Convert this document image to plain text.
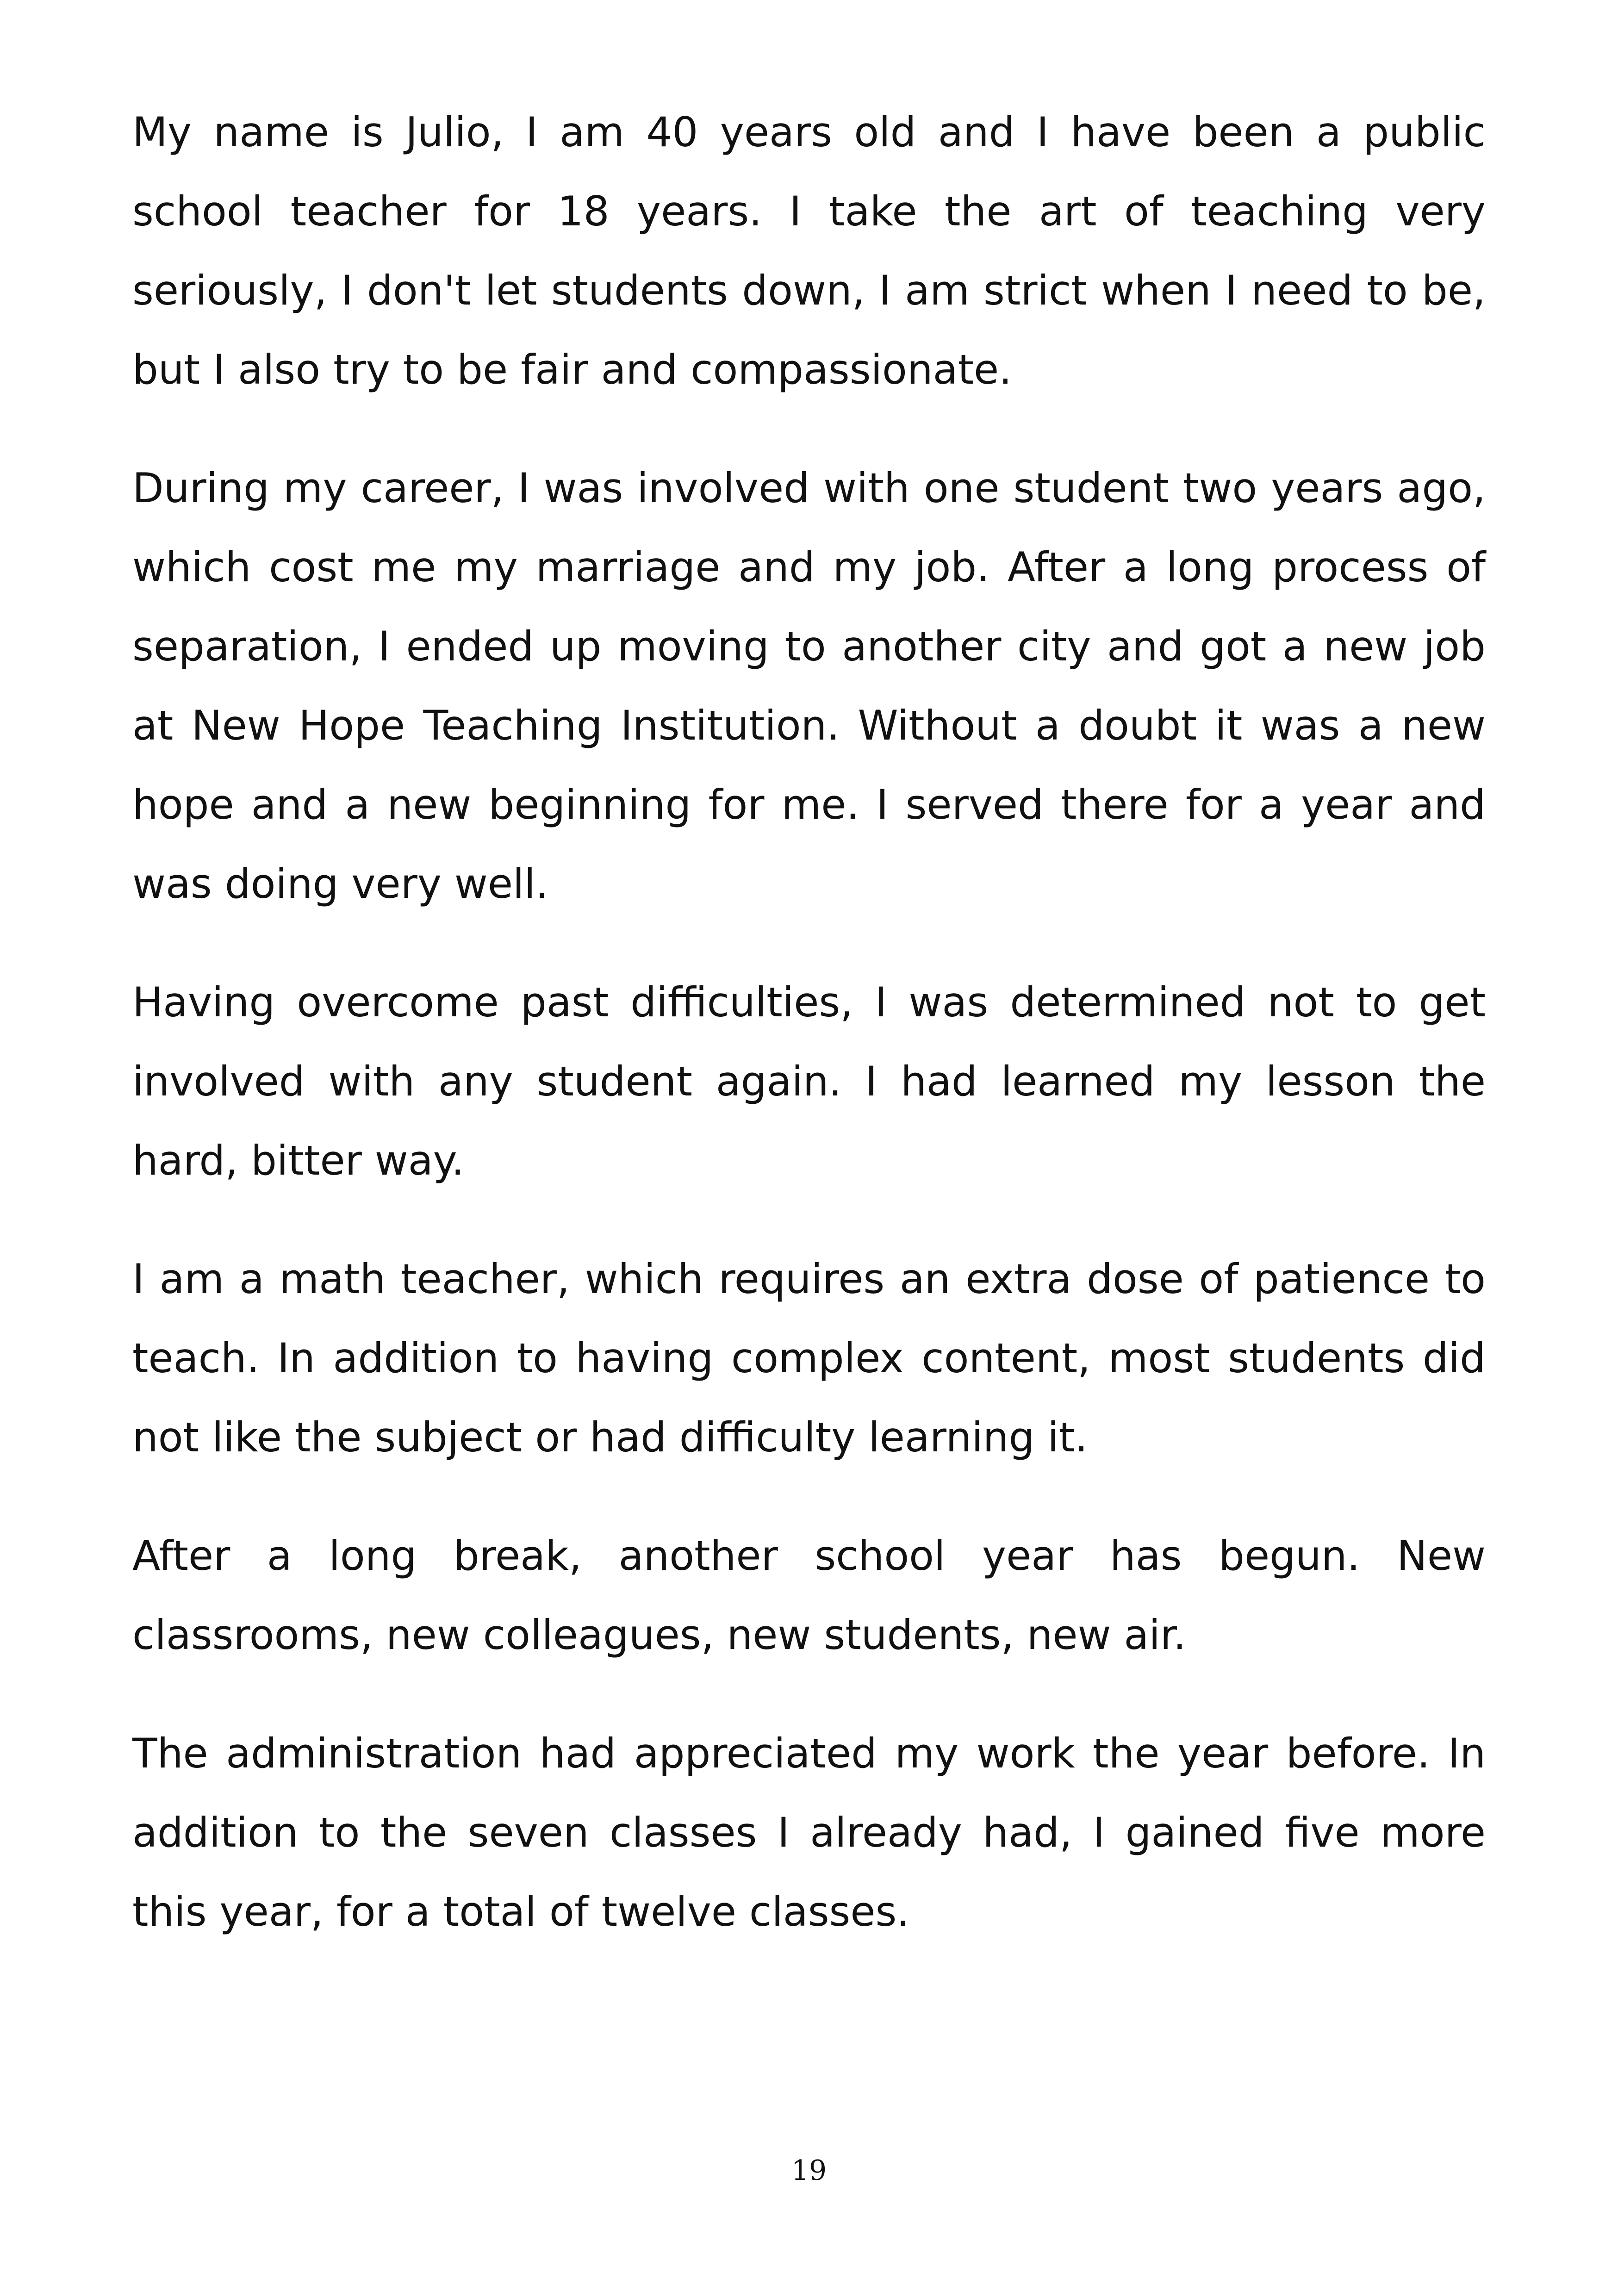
My name is Julio, I am 40 years old and I have been a public school teacher for 18 years. I take the art of teaching very seriously, I don't let students down, I am strict when I need to be, but I also try to be fair and compassionate.

During my career, I was involved with one student two years ago, which cost me my marriage and my job. After a long process of separation, I ended up moving to another city and got a new job at New Hope Teaching Institution. Without a doubt it was a new hope and a new beginning for me. I served there for a year and was doing very well.

Having overcome past difficulties, I was determined not to get involved with any student again. I had learned my lesson the hard, bitter way.

I am a math teacher, which requires an extra dose of patience to teach. In addition to having complex content, most students did not like the subject or had difficulty learning it.

After a long break, another school year has begun. New classrooms, new colleagues, new students, new air.

The administration had appreciated my work the year before. In addition to the seven classes I already had, I gained five more this year, for a total of twelve classes.

19
